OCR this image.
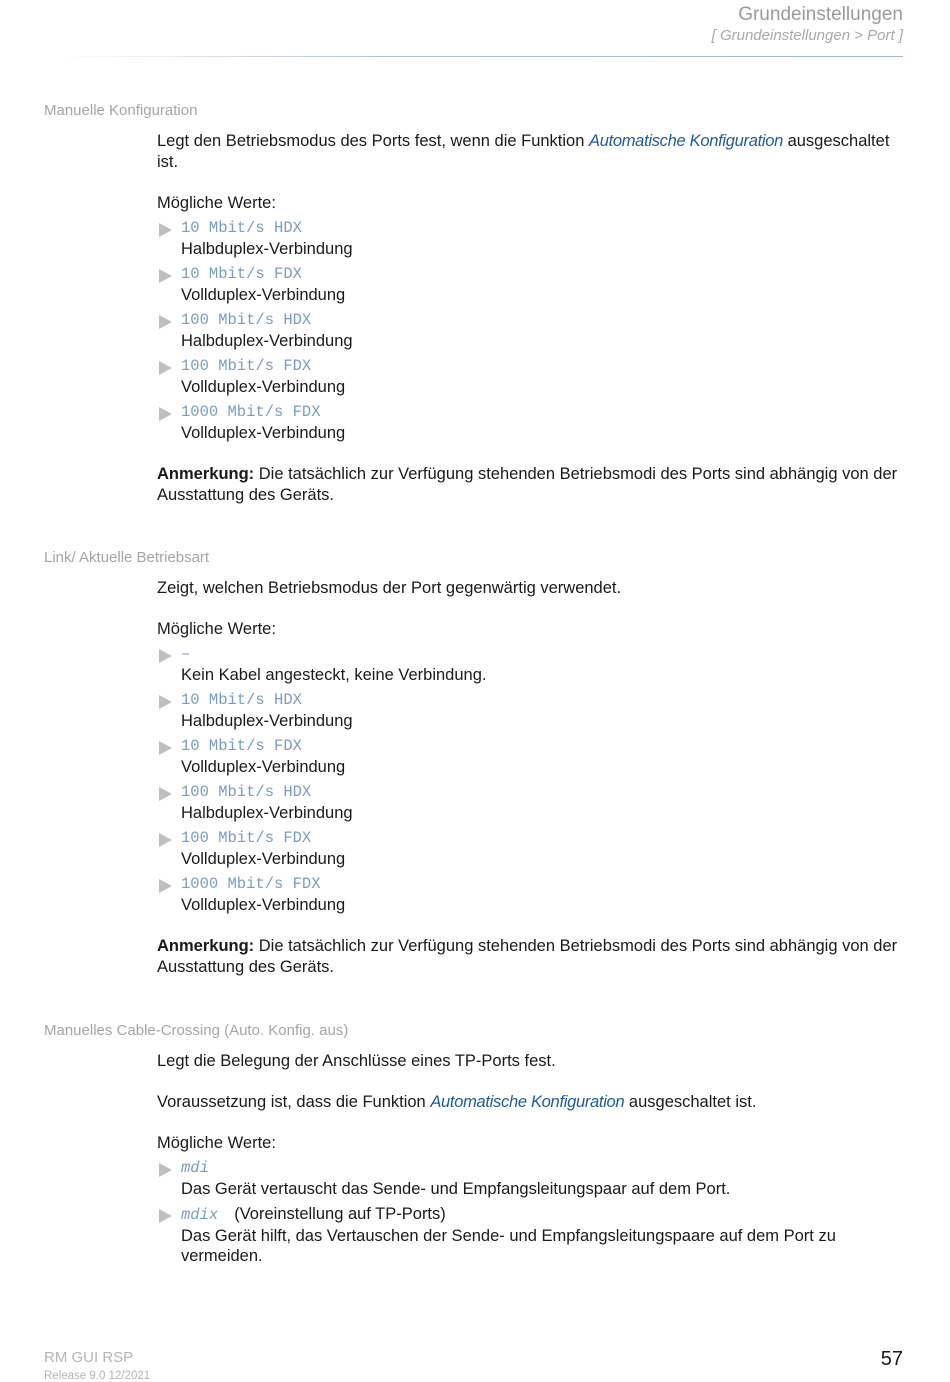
Grundeinstellungen
[ Grundeinstellungen > Port ]
Manuelle Konfiguration

Legt den Betriebsmodus des Ports fest, wenn die Funktion Automatische Konfiguration ausgeschaltet ist.

Mögliche Werte:

10 Mbit/s HDX
Halbduplex-Verbindung
10 Mbit/s FDX
Vollduplex-Verbindung
100 Mbit/s HDX
Halbduplex-Verbindung
100 Mbit/s FDX
Vollduplex-Verbindung
1000 Mbit/s FDX
Vollduplex-Verbindung

Anmerkung: Die tatsächlich zur Verfügung stehenden Betriebsmodi des Ports sind abhängig von der Ausstattung des Geräts.

Link/ Aktuelle Betriebsart

Zeigt, welchen Betriebsmodus der Port gegenwärtig verwendet.

Mögliche Werte:

–
Kein Kabel angesteckt, keine Verbindung.
10 Mbit/s HDX
Halbduplex-Verbindung
10 Mbit/s FDX
Vollduplex-Verbindung
100 Mbit/s HDX
Halbduplex-Verbindung
100 Mbit/s FDX
Vollduplex-Verbindung
1000 Mbit/s FDX
Vollduplex-Verbindung

Anmerkung: Die tatsächlich zur Verfügung stehenden Betriebsmodi des Ports sind abhängig von der Ausstattung des Geräts.

Manuelles Cable-Crossing (Auto. Konfig. aus)

Legt die Belegung der Anschlüsse eines TP-Ports fest.

Voraussetzung ist, dass die Funktion Automatische Konfiguration ausgeschaltet ist.

Mögliche Werte:

mdi
Das Gerät vertauscht das Sende- und Empfangsleitungspaar auf dem Port.
mdix (Voreinstellung auf TP-Ports)
Das Gerät hilft, das Vertauschen der Sende- und Empfangsleitungspaare auf dem Port zu vermeiden.
RM GUI RSP
Release 9.0 12/2021
57
